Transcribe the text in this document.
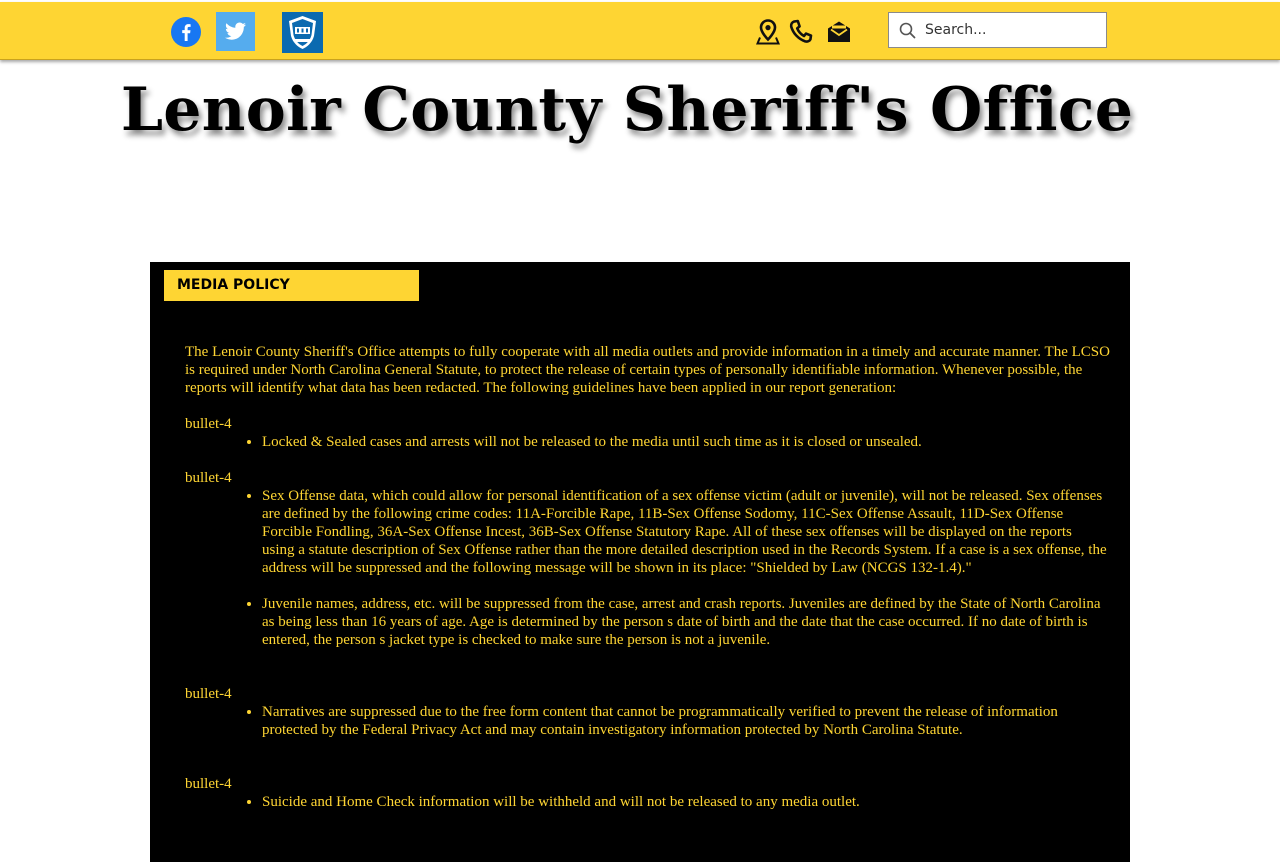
Search...
Lenoir County Sheriff's Office
MEDIA POLICY

The Lenoir County Sheriff's Office attempts to fully cooperate with all media outlets and provide information in a timely and accurate manner. The LCSO is required under North Carolina General Statute, to protect the release of certain types of personally identifiable information. Whenever possible, the reports will identify what data has been redacted. The following guidelines have been applied in our report generation:

bullet-4
• Locked & Sealed cases and arrests will not be released to the media until such time as it is closed or unsealed.
bullet-4
• Sex Offense data, which could allow for personal identification of a sex offense victim (adult or juvenile), will not be released. Sex offenses are defined by the following crime codes: 11A-Forcible Rape, 11B-Sex Offense Sodomy, 11C-Sex Offense Assault, 11D-Sex Offense Forcible Fondling, 36A-Sex Offense Incest, 36B-Sex Offense Statutory Rape. All of these sex offenses will be displayed on the reports using a statute description of Sex Offense rather than the more detailed description used in the Records System. If a case is a sex offense, the address will be suppressed and the following message will be shown in its place: "Shielded by Law (NCGS 132-1.4)."
• Juvenile names, address, etc. will be suppressed from the case, arrest and crash reports. Juveniles are defined by the State of North Carolina as being less than 16 years of age. Age is determined by the person s date of birth and the date that the case occurred. If no date of birth is entered, the person s jacket type is checked to make sure the person is not a juvenile.
bullet-4
• Narratives are suppressed due to the free form content that cannot be programmatically verified to prevent the release of information protected by the Federal Privacy Act and may contain investigatory information protected by North Carolina Statute.
bullet-4
• Suicide and Home Check information will be withheld and will not be released to any media outlet.
